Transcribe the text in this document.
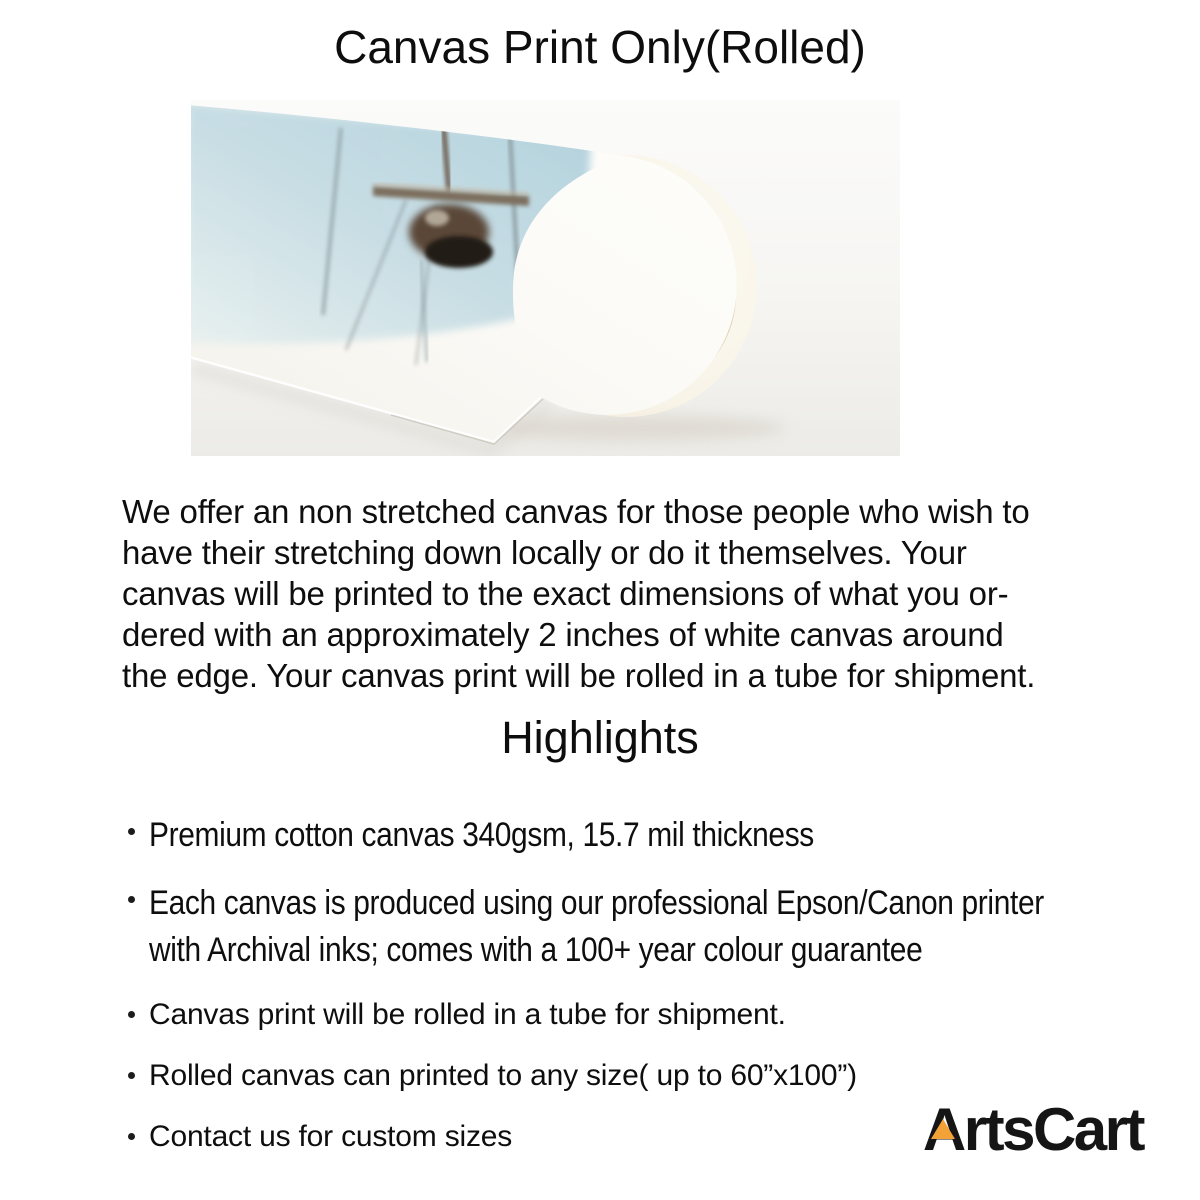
Canvas Print Only(Rolled)
We offer an non stretched canvas for those people who wish to
have their stretching down locally or do it themselves. Your
canvas will be printed to the exact dimensions of what you or-
dered with an approximately 2 inches of white canvas around
the edge. Your canvas print will be rolled in a tube for shipment.
Highlights
Premium cotton canvas 340gsm, 15.7 mil thickness
Each canvas is produced using our professional Epson/Canon printer
with Archival inks; comes with a 100+ year colour guarantee
Canvas print will be rolled in a tube for shipment.
Rolled canvas can printed to any size( up to 60”x100”)
Contact us for custom sizes	A
rtsCart
